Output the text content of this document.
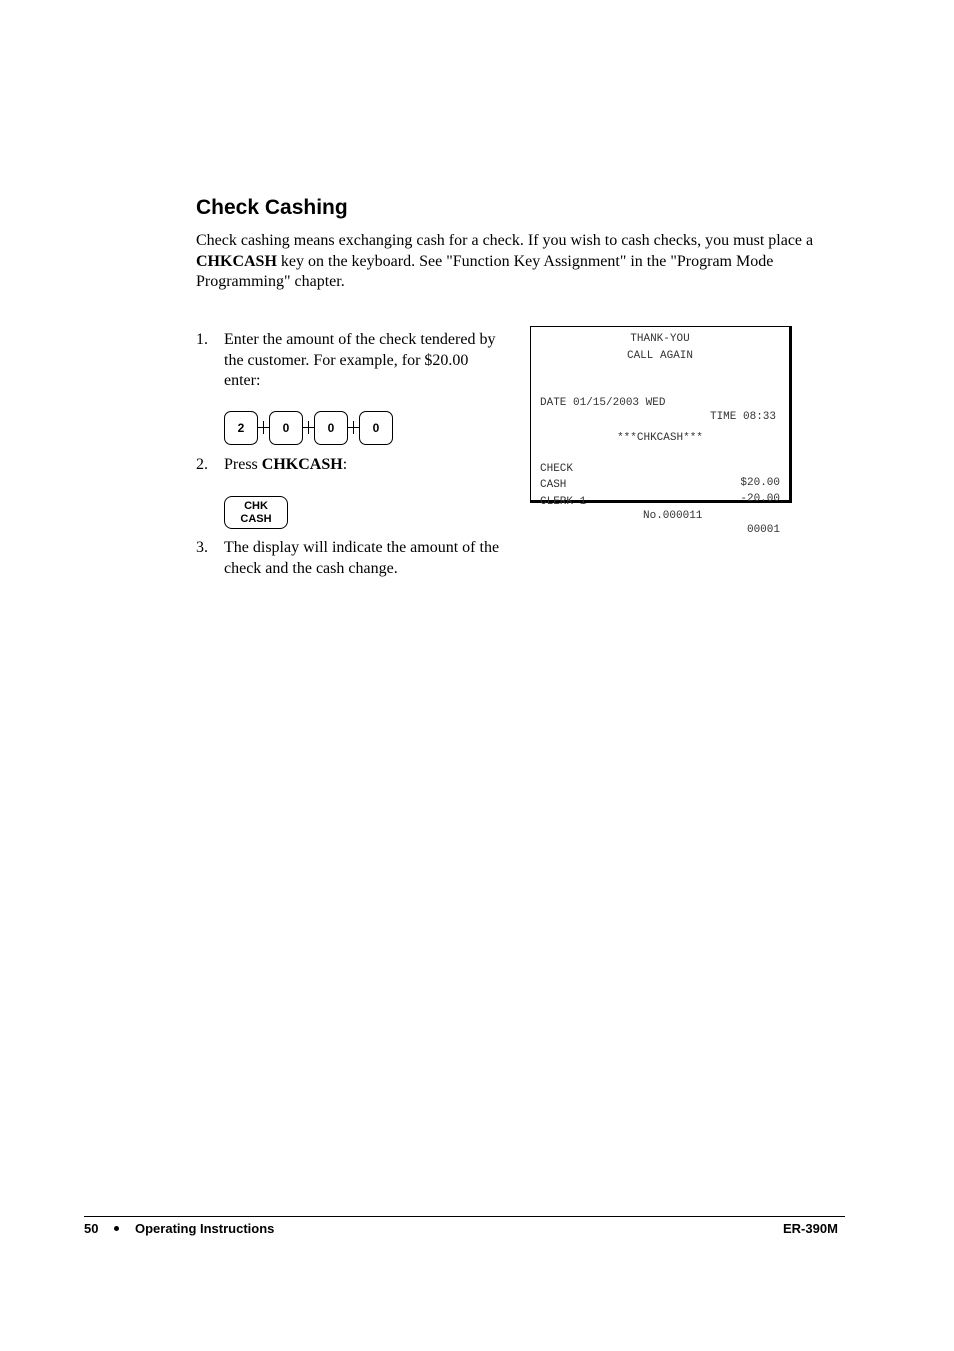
Check Cashing

Check cashing means exchanging cash for a check. If you wish to cash checks, you must place a CHKCASH key on the keyboard. See "Function Key Assignment" in the "Program Mode Programming" chapter.

1. Enter the amount of the check tendered by the customer. For example, for $20.00 enter:
2	0	0	0
2. Press CHKCASH:
CHK
CASH
3. The display will indicate the amount of the check and the cash change.
THANK-YOU
CALL AGAIN

DATE 01/15/2003 WED

TIME 08:33

***CHKCASH***

CHECK

$20.00

CASH

-20.00

CLERK 1

No.000011

00001

50	Operating Instructions	ER-390M
